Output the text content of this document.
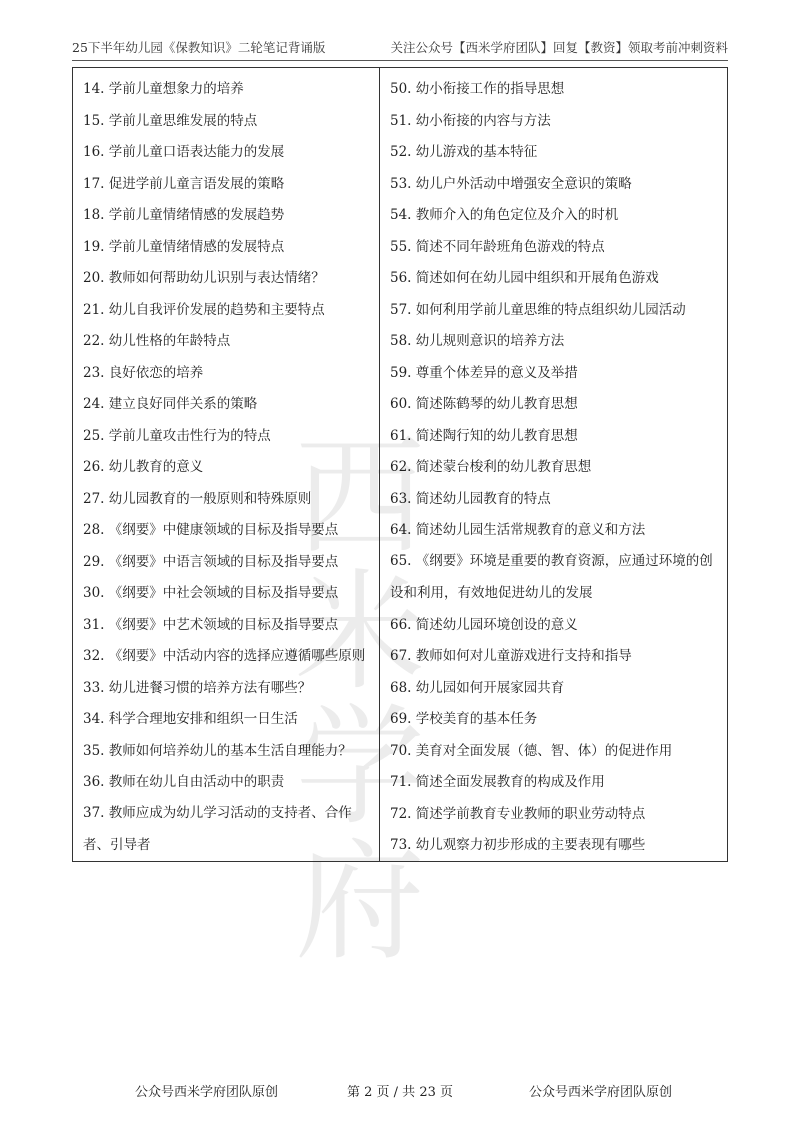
25下半年幼儿园《保教知识》二轮笔记背诵版	关注公众号【西米学府团队】回复【教资】领取考前冲刺资料
西米学府
14. 学前儿童想象力的培养
15. 学前儿童思维发展的特点
16. 学前儿童口语表达能力的发展
17. 促进学前儿童言语发展的策略
18. 学前儿童情绪情感的发展趋势
19. 学前儿童情绪情感的发展特点
20. 教师如何帮助幼儿识别与表达情绪？
21. 幼儿自我评价发展的趋势和主要特点
22. 幼儿性格的年龄特点
23. 良好依恋的培养
24. 建立良好同伴关系的策略
25. 学前儿童攻击性行为的特点
26. 幼儿教育的意义
27. 幼儿园教育的一般原则和特殊原则
28. 《纲要》中健康领域的目标及指导要点
29. 《纲要》中语言领域的目标及指导要点
30. 《纲要》中社会领域的目标及指导要点
31. 《纲要》中艺术领域的目标及指导要点
32. 《纲要》中活动内容的选择应遵循哪些原则
33. 幼儿进餐习惯的培养方法有哪些？
34. 科学合理地安排和组织一日生活
35. 教师如何培养幼儿的基本生活自理能力？
36. 教师在幼儿自由活动中的职责
37. 教师应成为幼儿学习活动的支持者、合作者、引导者
50. 幼小衔接工作的指导思想
51. 幼小衔接的内容与方法
52. 幼儿游戏的基本特征
53. 幼儿户外活动中增强安全意识的策略
54. 教师介入的角色定位及介入的时机
55. 简述不同年龄班角色游戏的特点
56. 简述如何在幼儿园中组织和开展角色游戏
57. 如何利用学前儿童思维的特点组织幼儿园活动
58. 幼儿规则意识的培养方法
59. 尊重个体差异的意义及举措
60. 简述陈鹤琴的幼儿教育思想
61. 简述陶行知的幼儿教育思想
62. 简述蒙台梭利的幼儿教育思想
63. 简述幼儿园教育的特点
64. 简述幼儿园生活常规教育的意义和方法
65. 《纲要》环境是重要的教育资源，应通过环境的创设和利用，有效地促进幼儿的发展
66. 简述幼儿园环境创设的意义
67. 教师如何对儿童游戏进行支持和指导
68. 幼儿园如何开展家园共育
69. 学校美育的基本任务
70. 美育对全面发展（德、智、体）的促进作用
71. 简述全面发展教育的构成及作用
72. 简述学前教育专业教师的职业劳动特点
73. 幼儿观察力初步形成的主要表现有哪些
公众号西米学府团队原创	第 2 页 / 共 23 页	公众号西米学府团队原创
